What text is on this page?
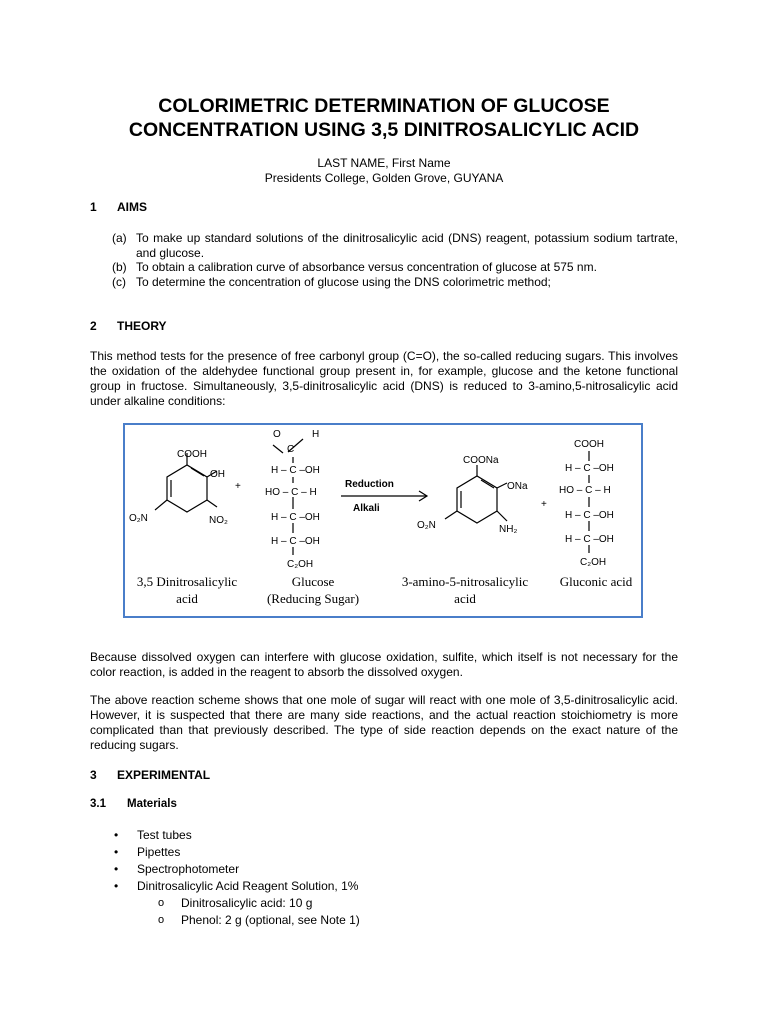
COLORIMETRIC DETERMINATION OF GLUCOSE
CONCENTRATION USING 3,5 DINITROSALICYLIC ACID
LAST NAME, First Name
Presidents College, Golden Grove, GUYANA
1 AIMS
(a) To make up standard solutions of the dinitrosalicylic acid (DNS) reagent, potassium sodium tartrate, and glucose.
(b) To obtain a calibration curve of absorbance versus concentration of glucose at 575 nm.
(c) To determine the concentration of glucose using the DNS colorimetric method;
2 THEORY

This method tests for the presence of free carbonyl group (C=O), the so-called reducing sugars. This involves the oxidation of the aldehydee functional group present in, for example, glucose and the ketone functional group in fructose. Simultaneously, 3,5-dinitrosalicylic acid (DNS) is reduced to 3-amino,5-nitrosalicylic acid under alkaline conditions:

COOH
OH
O₂N	NO₂
+
O	H
C
H – C –OH
HO – C – H
H – C –OH
H – C –OH
C₂OH
Reduction
Alkali
COONa
ONa
O₂N	NH₂
+
COOH
H – C –OH
HO – C – H
H – C –OH
H – C –OH
C₂OH
3,5 Dinitrosalicylic
acid
Glucose
(Reducing Sugar)
3-amino-5-nitrosalicylic
acid
Gluconic acid

Because dissolved oxygen can interfere with glucose oxidation, sulfite, which itself is not necessary for the color reaction, is added in the reagent to absorb the dissolved oxygen.

The above reaction scheme shows that one mole of sugar will react with one mole of 3,5-dinitrosalicylic acid. However, it is suspected that there are many side reactions, and the actual reaction stoichiometry is more complicated than that previously described. The type of side reaction depends on the exact nature of the reducing sugars.

3 EXPERIMENTAL
3.1 Materials
• Test tubes
• Pipettes
• Spectrophotometer
• Dinitrosalicylic Acid Reagent Solution, 1%
o Dinitrosalicylic acid: 10 g
o Phenol: 2 g (optional, see Note 1)
